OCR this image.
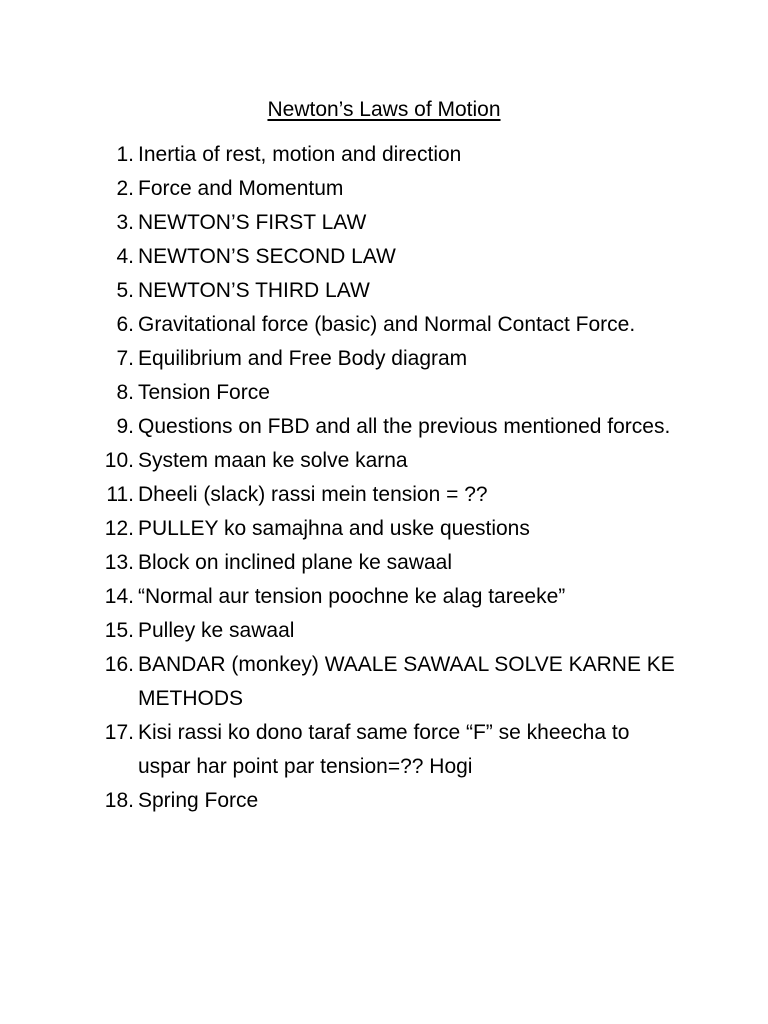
Newton’s Laws of Motion
1. Inertia of rest, motion and direction
2. Force and Momentum
3. NEWTON’S FIRST LAW
4. NEWTON’S SECOND LAW
5. NEWTON’S THIRD LAW
6. Gravitational force (basic) and Normal Contact Force.
7. Equilibrium and Free Body diagram
8. Tension Force
9. Questions on FBD and all the previous mentioned forces.
10. System maan ke solve karna
11. Dheeli (slack) rassi mein tension = ??
12. PULLEY ko samajhna and uske questions
13. Block on inclined plane ke sawaal
14. “Normal aur tension poochne ke alag tareeke”
15. Pulley ke sawaal
16. BANDAR (monkey) WAALE SAWAAL SOLVE KARNE KE METHODS
17. Kisi rassi ko dono taraf same force “F” se kheecha to uspar har point par tension=?? Hogi
18. Spring Force
